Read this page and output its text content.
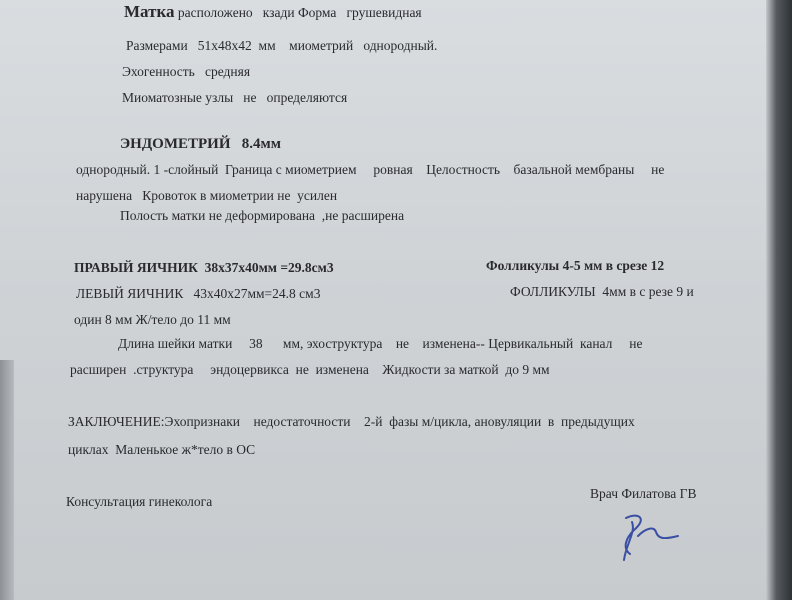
Матка расположено   кзади Форма   грушевидная
Размерами   51х48х42  мм    миометрий   однородный.
Эхогенность   средняя
Миоматозные узлы   не   определяются
ЭНДОМЕТРИЙ 8.4мм
однородный. 1 -слойный  Граница с миометрием     ровная    Целостность    базальной мембраны     не
нарушена   Кровоток в миометрии не  усилен
Полость матки не деформирована  ,не расширена
ПРАВЫЙ ЯИЧНИК  38х37х40мм =29.8см3	Фолликулы 4-5 мм в срезе 12
ЛЕВЫЙ ЯИЧНИК   43х40х27мм=24.8 см3	ФОЛЛИКУЛЫ  4мм в с резе 9 и
один 8 мм Ж/тело до 11 мм
Длина шейки матки     38      мм, эхоструктура    не    изменена-- Цервикальный  канал     не
расширен  .структура     эндоцервикса  не  изменена    Жидкости за маткой  до 9 мм
ЗАКЛЮЧЕНИЕ:Эхопризнаки    недостаточности    2-й  фазы м/цикла, ановуляции  в  предыдущих
циклах  Маленькое ж*тело в ОС
Консультация гинеколога
Врач Филатова ГВ
